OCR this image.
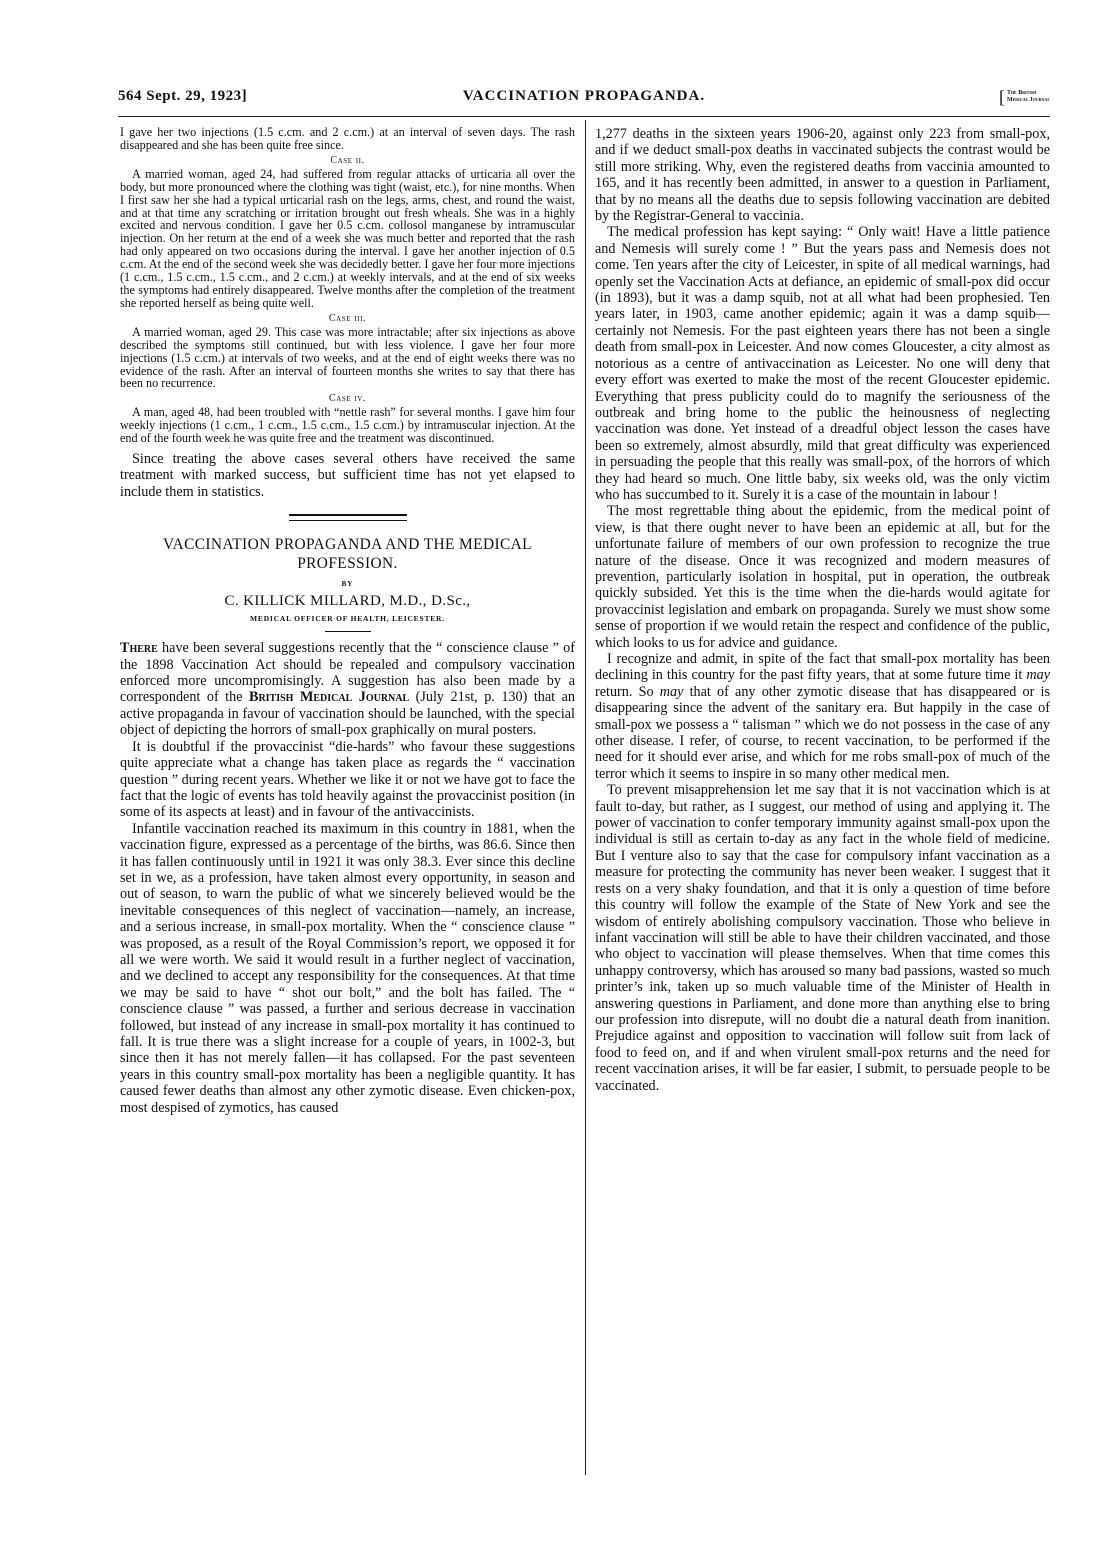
564 Sept. 29, 1923]	VACCINATION PROPAGANDA.	[ The British
Medical Journal

I gave her two injections (1.5 c.cm. and 2 c.cm.) at an interval of seven days. The rash disappeared and she has been quite free since.

Case ii.

A married woman, aged 24, had suffered from regular attacks of urticaria all over the body, but more pronounced where the clothing was tight (waist, etc.), for nine months. When I first saw her she had a typical urticarial rash on the legs, arms, chest, and round the waist, and at that time any scratching or irritation brought out fresh wheals. She was in a highly excited and nervous condition. I gave her 0.5 c.cm. collosol manganese by intramuscular injection. On her return at the end of a week she was much better and reported that the rash had only appeared on two occasions during the interval. I gave her another injection of 0.5 c.cm. At the end of the second week she was decidedly better. I gave her four more injections (1 c.cm., 1.5 c.cm., 1.5 c.cm., and 2 c.cm.) at weekly intervals, and at the end of six weeks the symptoms had entirely disappeared. Twelve months after the completion of the treatment she reported herself as being quite well.

Case iii.

A married woman, aged 29. This case was more intractable; after six injections as above described the symptoms still continued, but with less violence. I gave her four more injections (1.5 c.cm.) at intervals of two weeks, and at the end of eight weeks there was no evidence of the rash. After an interval of fourteen months she writes to say that there has been no recurrence.

Case iv.

A man, aged 48, had been troubled with “nettle rash” for several months. I gave him four weekly injections (1 c.cm., 1 c.cm., 1.5 c.cm., 1.5 c.cm.) by intramuscular injection. At the end of the fourth week he was quite free and the treatment was discontinued.

Since treating the above cases several others have received the same treatment with marked success, but sufficient time has not yet elapsed to include them in statistics.

VACCINATION PROPAGANDA AND THE MEDICAL PROFESSION.
BY
C. KILLICK MILLARD, M.D., D.Sc.,
MEDICAL OFFICER OF HEALTH, LEICESTER.

There have been several suggestions recently that the “ conscience clause ” of the 1898 Vaccination Act should be repealed and compulsory vaccination enforced more uncompromisingly. A suggestion has also been made by a correspondent of the British Medical Journal (July 21st, p. 130) that an active propaganda in favour of vaccination should be launched, with the special object of depicting the horrors of small-pox graphically on mural posters.

It is doubtful if the provaccinist “die-hards” who favour these suggestions quite appreciate what a change has taken place as regards the “ vaccination question ” during recent years. Whether we like it or not we have got to face the fact that the logic of events has told heavily against the provaccinist position (in some of its aspects at least) and in favour of the antivaccinists.

Infantile vaccination reached its maximum in this country in 1881, when the vaccination figure, expressed as a percentage of the births, was 86.6. Since then it has fallen continuously until in 1921 it was only 38.3. Ever since this decline set in we, as a profession, have taken almost every opportunity, in season and out of season, to warn the public of what we sincerely believed would be the inevitable consequences of this neglect of vaccination—namely, an increase, and a serious increase, in small-pox mortality. When the “ conscience clause ” was proposed, as a result of the Royal Commission’s report, we opposed it for all we were worth. We said it would result in a further neglect of vaccination, and we declined to accept any responsibility for the consequences. At that time we may be said to have “ shot our bolt,” and the bolt has failed. The “ conscience clause ” was passed, a further and serious decrease in vaccination followed, but instead of any increase in small-pox mortality it has continued to fall. It is true there was a slight increase for a couple of years, in 1002-3, but since then it has not merely fallen—it has collapsed. For the past seventeen years in this country small-pox mortality has been a negligible quantity. It has caused fewer deaths than almost any other zymotic disease. Even chicken-pox, most despised of zymotics, has caused

1,277 deaths in the sixteen years 1906-20, against only 223 from small-pox, and if we deduct small-pox deaths in vaccinated subjects the contrast would be still more striking. Why, even the registered deaths from vaccinia amounted to 165, and it has recently been admitted, in answer to a question in Parliament, that by no means all the deaths due to sepsis following vaccination are debited by the Registrar-General to vaccinia.

The medical profession has kept saying: “ Only wait! Have a little patience and Nemesis will surely come ! ” But the years pass and Nemesis does not come. Ten years after the city of Leicester, in spite of all medical warnings, had openly set the Vaccination Acts at defiance, an epidemic of small-pox did occur (in 1893), but it was a damp squib, not at all what had been prophesied. Ten years later, in 1903, came another epidemic; again it was a damp squib—certainly not Nemesis. For the past eighteen years there has not been a single death from small-pox in Leicester. And now comes Gloucester, a city almost as notorious as a centre of antivaccination as Leicester. No one will deny that every effort was exerted to make the most of the recent Gloucester epidemic. Everything that press publicity could do to magnify the seriousness of the outbreak and bring home to the public the heinousness of neglecting vaccination was done. Yet instead of a dreadful object lesson the cases have been so extremely, almost absurdly, mild that great difficulty was experienced in persuading the people that this really was small-pox, of the horrors of which they had heard so much. One little baby, six weeks old, was the only victim who has succumbed to it. Surely it is a case of the mountain in labour !

The most regrettable thing about the epidemic, from the medical point of view, is that there ought never to have been an epidemic at all, but for the unfortunate failure of members of our own profession to recognize the true nature of the disease. Once it was recognized and modern measures of prevention, particularly isolation in hospital, put in operation, the outbreak quickly subsided. Yet this is the time when the die-hards would agitate for provaccinist legislation and embark on propaganda. Surely we must show some sense of proportion if we would retain the respect and confidence of the public, which looks to us for advice and guidance.

I recognize and admit, in spite of the fact that small-pox mortality has been declining in this country for the past fifty years, that at some future time it may return. So may that of any other zymotic disease that has disappeared or is disappearing since the advent of the sanitary era. But happily in the case of small-pox we possess a “ talisman ” which we do not possess in the case of any other disease. I refer, of course, to recent vaccination, to be performed if the need for it should ever arise, and which for me robs small-pox of much of the terror which it seems to inspire in so many other medical men.

To prevent misapprehension let me say that it is not vaccination which is at fault to-day, but rather, as I suggest, our method of using and applying it. The power of vaccination to confer temporary immunity against small-pox upon the individual is still as certain to-day as any fact in the whole field of medicine. But I venture also to say that the case for compulsory infant vaccination as a measure for protecting the community has never been weaker. I suggest that it rests on a very shaky foundation, and that it is only a question of time before this country will follow the example of the State of New York and see the wisdom of entirely abolishing compulsory vaccination. Those who believe in infant vaccination will still be able to have their children vaccinated, and those who object to vaccination will please themselves. When that time comes this unhappy controversy, which has aroused so many bad passions, wasted so much printer’s ink, taken up so much valuable time of the Minister of Health in answering questions in Parliament, and done more than anything else to bring our profession into disrepute, will no doubt die a natural death from inanition. Prejudice against and opposition to vaccination will follow suit from lack of food to feed on, and if and when virulent small-pox returns and the need for recent vaccination arises, it will be far easier, I submit, to persuade people to be vaccinated.
